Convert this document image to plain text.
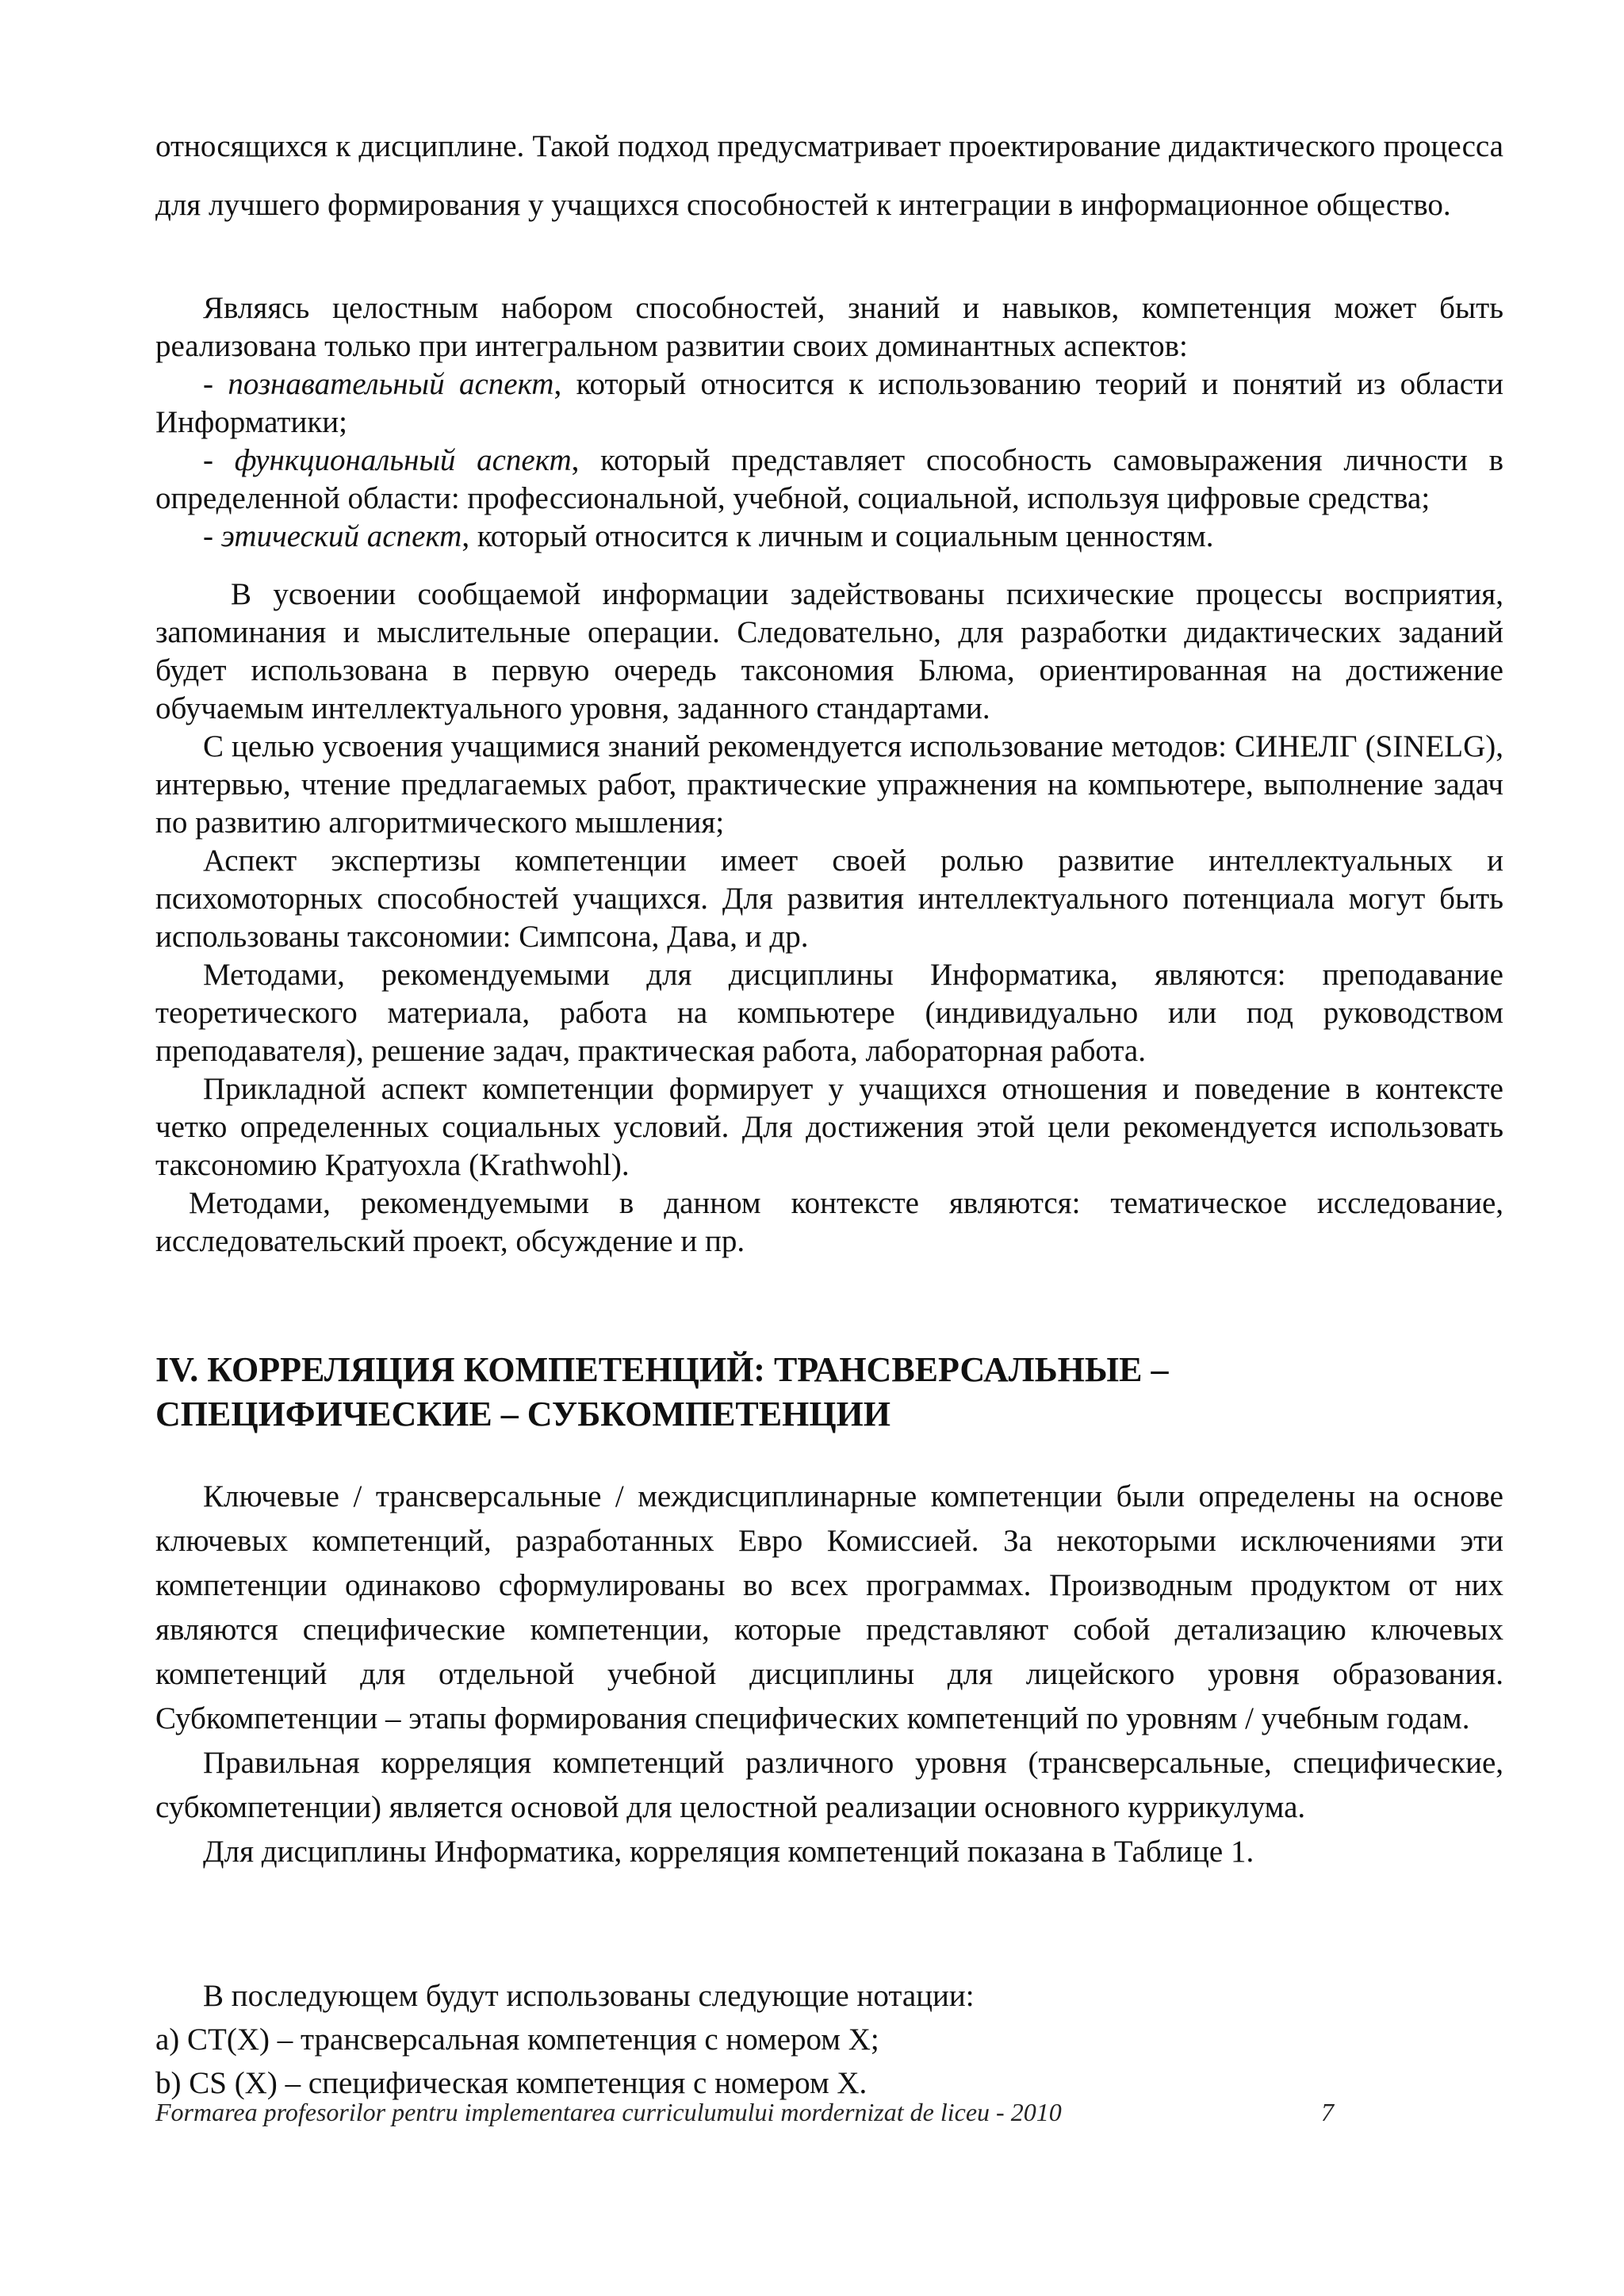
относящихся к дисциплине. Такой подход предусматривает проектирование дидактического процесса для лучшего формирования у учащихся способностей к интеграции в информационное общество.

Являясь целостным набором способностей, знаний и навыков, компетенция может быть реализована только при интегральном развитии своих доминантных аспектов:

- познавательный аспект, который относится к использованию теорий и понятий из области Информатики;

- функциональный аспект, который представляет способность самовыражения личности в определенной области: профессиональной, учебной, социальной, используя цифровые средства;

- этический аспект, который относится к личным и социальным ценностям.

В усвоении сообщаемой информации задействованы психические процессы восприятия, запоминания и мыслительные операции. Следовательно, для разработки дидактических заданий будет использована в первую очередь таксономия Блюма, ориентированная на достижение обучаемым интеллектуального уровня, заданного стандартами.

С целью усвоения учащимися знаний рекомендуется использование методов: СИНЕЛГ (SINELG), интервью, чтение предлагаемых работ, практические упражнения на компьютере, выполнение задач по развитию алгоритмического мышления;

Аспект экспертизы компетенции имеет своей ролью развитие интеллектуальных и психомоторных способностей учащихся. Для развития интеллектуального потенциала могут быть использованы таксономии: Симпсона, Дава, и др.

Методами, рекомендуемыми для дисциплины Информатика, являются: преподавание теоретического материала, работа на компьютере (индивидуально или под руководством преподавателя), решение задач, практическая работа, лабораторная работа.

Прикладной аспект компетенции формирует у учащихся отношения и поведение в контексте четко определенных социальных условий. Для достижения этой цели рекомендуется использовать таксономию Кратуохла (Krathwohl).

Методами, рекомендуемыми в данном контексте являются: тематическое исследование, исследовательский проект, обсуждение и пр.

IV. КОРРЕЛЯЦИЯ КОМПЕТЕНЦИЙ: ТРАНСВЕРСАЛЬНЫЕ –
СПЕЦИФИЧЕСКИЕ – СУБКОМПЕТЕНЦИИ

Ключевые / трансверсальные / междисциплинарные компетенции были определены на основе ключевых компетенций, разработанных Евро Комиссией. За некоторыми исключениями эти компетенции одинаково сформулированы во всех программах. Производным продуктом от них являются специфические компетенции, которые представляют собой детализацию ключевых компетенций для отдельной учебной дисциплины для лицейского уровня образования. Субкомпетенции – этапы формирования специфических компетенций по уровням / учебным годам.

Правильная корреляция компетенций различного уровня (трансверсальные, специфические, субкомпетенции) является основой для целостной реализации основного куррикулума.

Для дисциплины Информатика, корреляция компетенций показана в Таблице 1.

В последующем будут использованы следующие нотации:

a) CT(X) – трансверсальная компетенция с номером X;

b) CS (X) – специфическая компетенция с номером X.

Formarea profesorilor pentru implementarea curriculumului mordernizat de liceu - 2010	7
